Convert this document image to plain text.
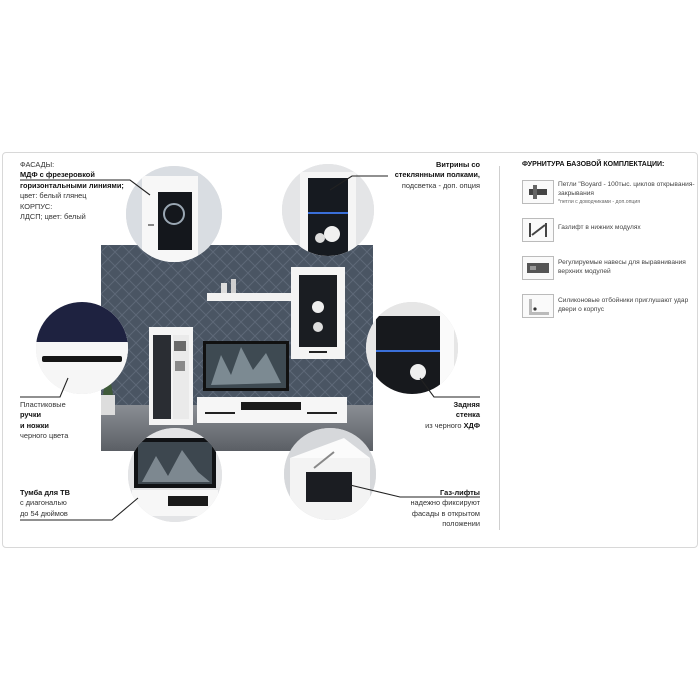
ФАСАДЫ:
МДФ с фрезеровкой
горизонтальными линиями;
цвет: белый глянец
КОРПУС:
ЛДСП; цвет: белый
Пластиковые
ручки
и ножки
черного цвета
Тумба для ТВ
с диагональю
до 54 дюймов
Витрины со
стеклянными полками,
подсветка - доп. опция
Задняя
стенка
из черного ХДФ
Газ-лифты
надежно фиксируют
фасады в открытом
положении
ФУРНИТУРА БАЗОВОЙ КОМПЛЕКТАЦИИ:
Петли "Boyard - 100тыс. циклов открывания-закрывания
*петли с доводчиками - доп.опция
Газлифт в нижних модулях
Регулируемые навесы для выравнивания верхних модулей
Силиконовые отбойники приглушают удар двери о корпус
